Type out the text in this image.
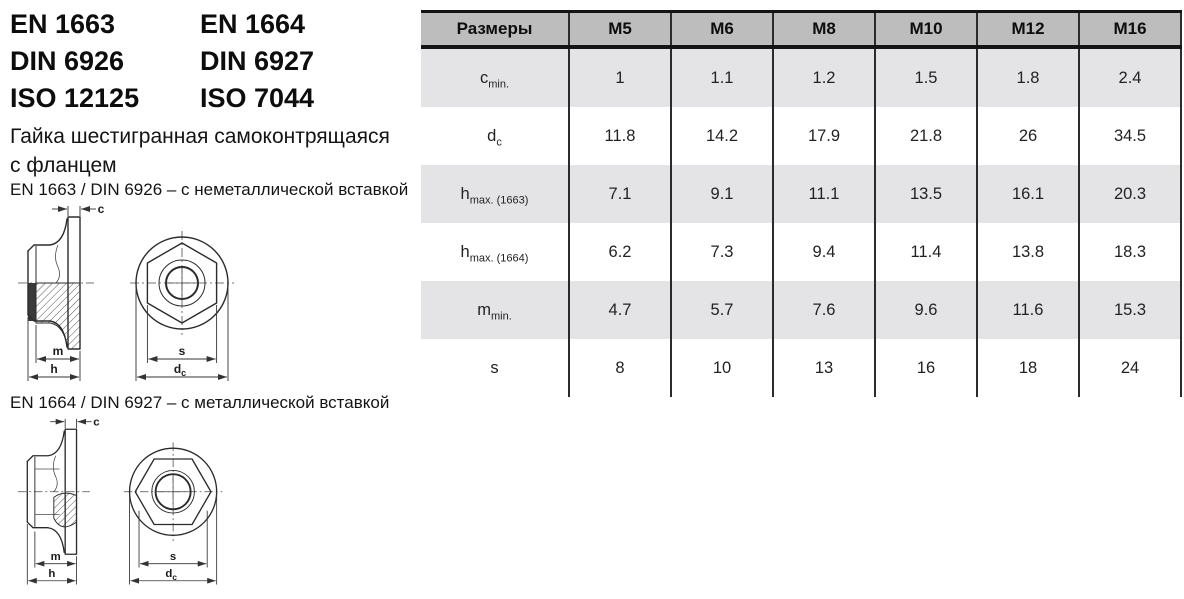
EN 1663
DIN 6926
ISO 12125
EN 1664
DIN 6927
ISO 7044
Гайка шестигранная самоконтрящаяся
с фланцем
EN 1663 / DIN 6926 – с неметаллической вставкой
c
m
h
s
$d_c$
EN 1664 / DIN 6927 – с металлической вставкой
c
m
h
s
$d_c$
Размеры	M5	M6	M8	M10	M12	M16
$c_{min.}$	1	1.1	1.2	1.5	1.8	2.4
$d_c$	11.8	14.2	17.9	21.8	26	34.5
$h_{max. (1663)}$	7.1	9.1	11.1	13.5	16.1	20.3
$h_{max. (1664)}$	6.2	7.3	9.4	11.4	13.8	18.3
$m_{min.}$	4.7	5.7	7.6	9.6	11.6	15.3
s	8	10	13	16	18	24
